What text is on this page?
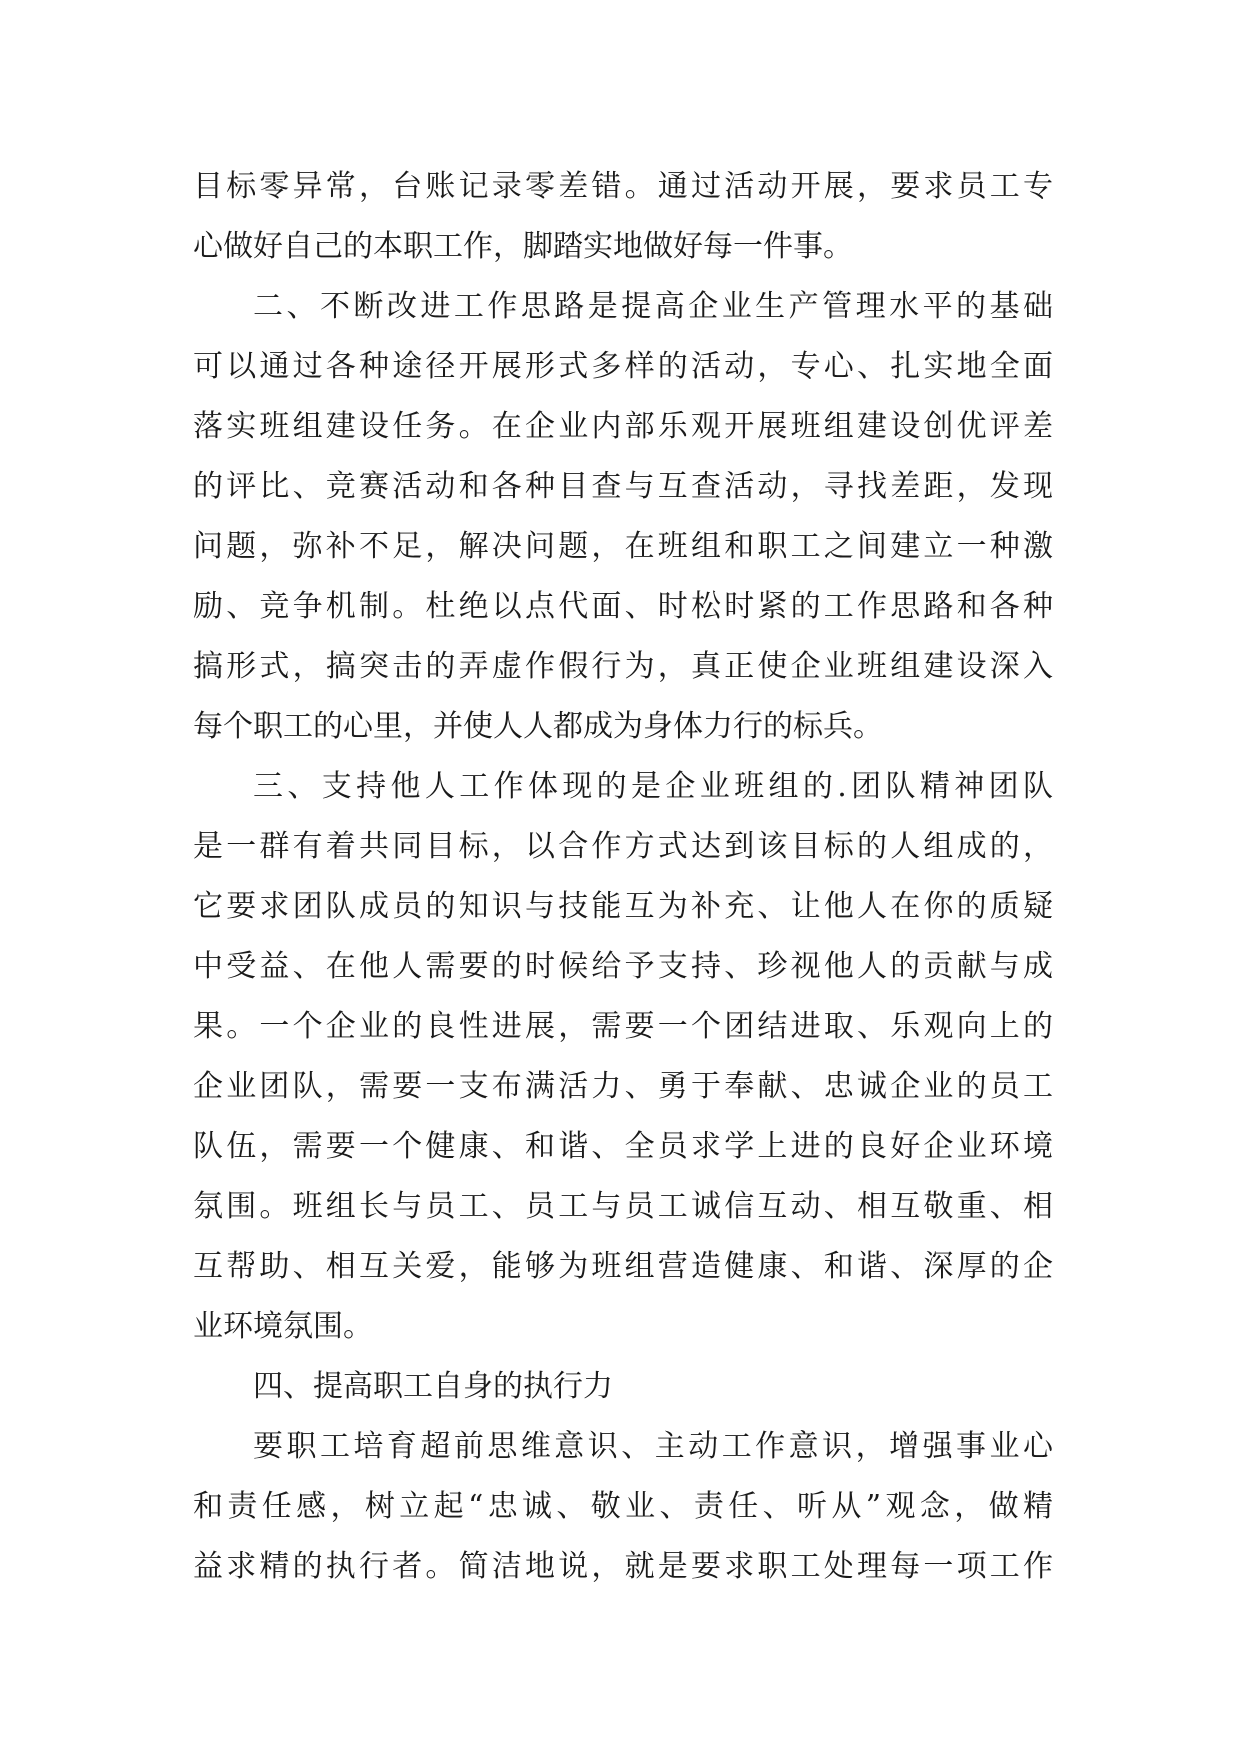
目标零异常，台账记录零差错。通过活动开展，要求员工专
心做好自己的本职工作，脚踏实地做好每一件事。
二、不断改进工作思路是提高企业生产管理水平的基础
可以通过各种途径开展形式多样的活动，专心、扎实地全面
落实班组建设任务。在企业内部乐观开展班组建设创优评差
的评比、竞赛活动和各种目查与互查活动，寻找差距，发现
问题，弥补不足，解决问题，在班组和职工之间建立一种激
励、竞争机制。杜绝以点代面、时松时紧的工作思路和各种
搞形式，搞突击的弄虚作假行为，真正使企业班组建设深入
每个职工的心里，并使人人都成为身体力行的标兵。
三、支持他人工作体现的是企业班组的.团队精神团队
是一群有着共同目标，以合作方式达到该目标的人组成的，
它要求团队成员的知识与技能互为补充、让他人在你的质疑
中受益、在他人需要的时候给予支持、珍视他人的贡献与成
果。一个企业的良性进展，需要一个团结进取、乐观向上的
企业团队，需要一支布满活力、勇于奉献、忠诚企业的员工
队伍，需要一个健康、和谐、全员求学上进的良好企业环境
氛围。班组长与员工、员工与员工诚信互动、相互敬重、相
互帮助、相互关爱，能够为班组营造健康、和谐、深厚的企
业环境氛围。
四、提高职工自身的执行力
要职工培育超前思维意识、主动工作意识，增强事业心
和责任感，树立起“忠诚、敬业、责任、听从”观念，做精
益求精的执行者。简洁地说，就是要求职工处理每一项工作
